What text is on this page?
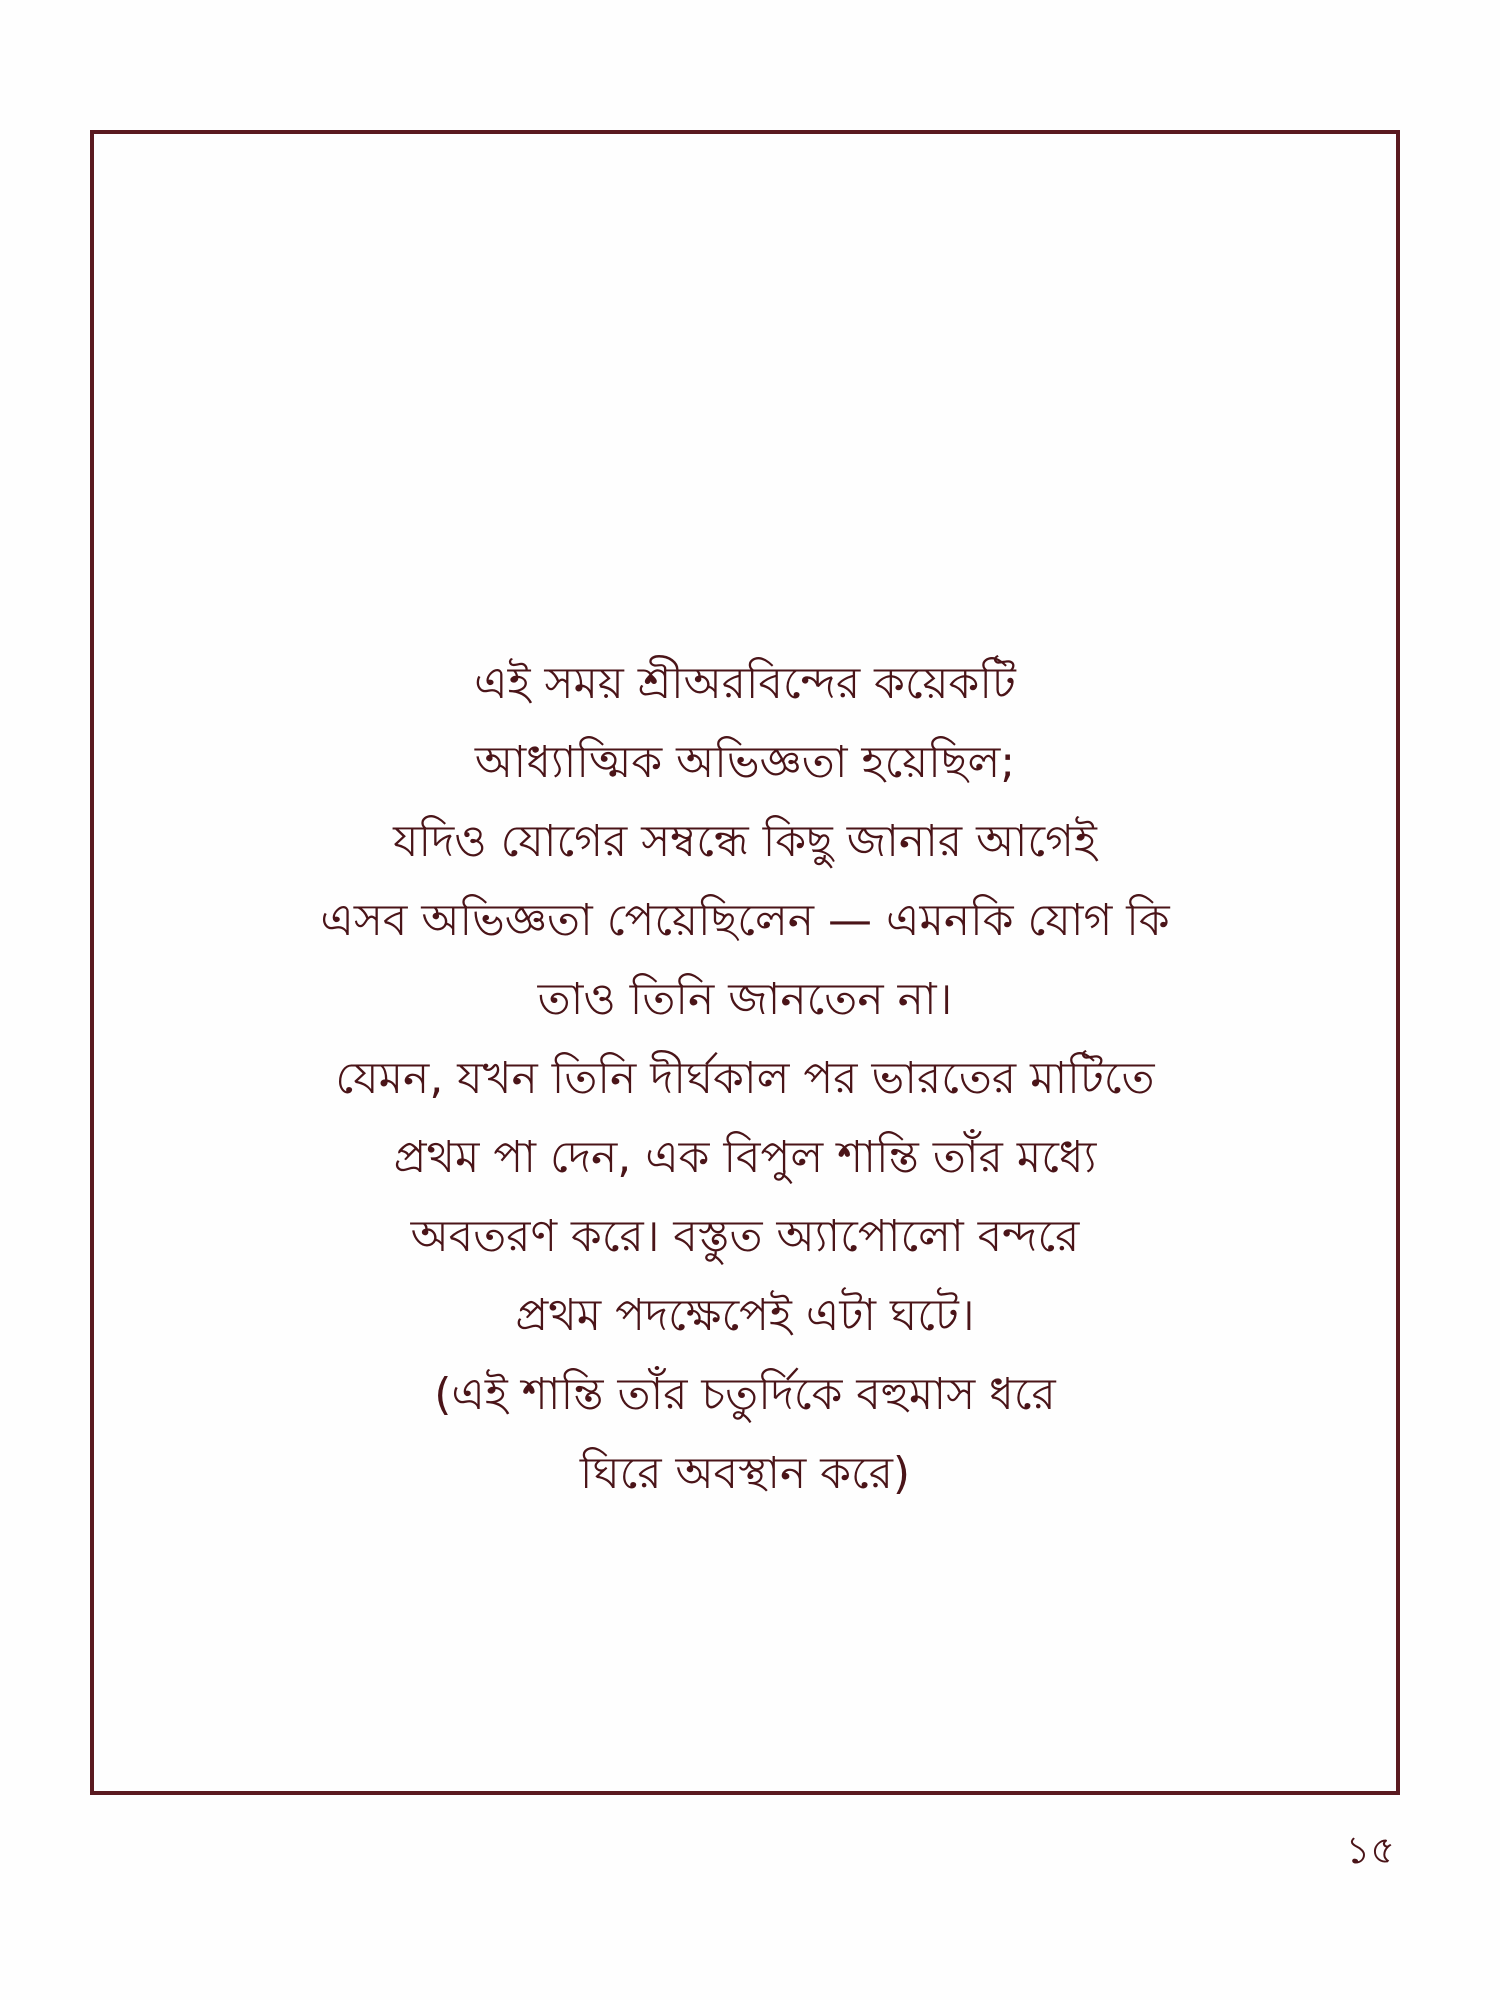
এই সময় শ্রীঅরবিন্দের কয়েকটি
আধ্যাত্মিক অভিজ্ঞতা হয়েছিল;
যদিও যোগের সম্বন্ধে কিছু জানার আগেই
এসব অভিজ্ঞতা পেয়েছিলেন — এমনকি যোগ কি
তাও তিনি জানতেন না।
যেমন, যখন তিনি দীর্ঘকাল পর ভারতের মাটিতে
প্রথম পা দেন, এক বিপুল শান্তি তাঁর মধ্যে
অবতরণ করে। বস্তুত অ্যাপোলো বন্দরে
প্রথম পদক্ষেপেই এটা ঘটে।
(এই শান্তি তাঁর চতুর্দিকে বহুমাস ধরে
ঘিরে অবস্থান করে)
১৫
